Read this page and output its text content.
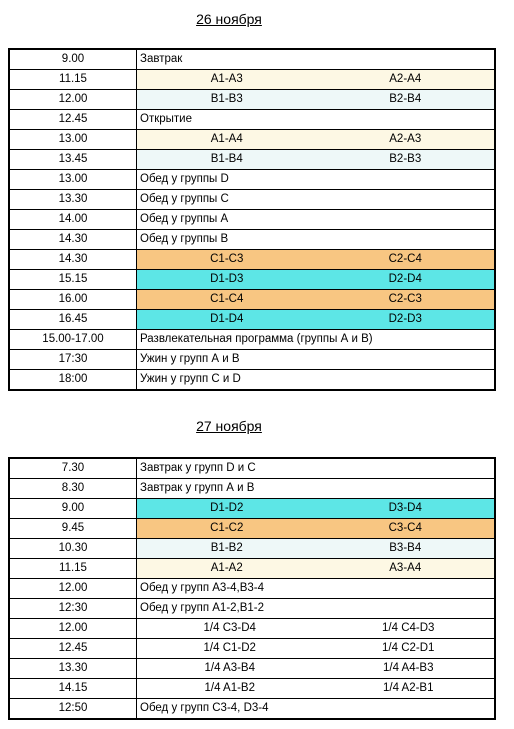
26 ноября
9.00	Завтрак
11.15	A1-A3 A2-A4

12.00	B1-B3 B2-B4

12.45	Открытие
13.00	A1-A4 A2-A3

13.45	B1-B4 B2-B3

13.00	Обед у группы D
13.30	Обед у группы С
14.00	Обед у группы А
14.30	Обед у группы В
14.30	C1-C3 C2-C4

15.15	D1-D3 D2-D4

16.00	C1-C4 C2-C3

16.45	D1-D4 D2-D3

15.00-17.00	Развлекательная программа (группы А и В)
17:30	Ужин у групп А и В
18:00	Ужин у групп С и D
27 ноября
7.30	Завтрак у групп D и C
8.30	Завтрак у групп А и В
9.00	D1-D2 D3-D4

9.45	C1-C2 C3-C4

10.30	B1-B2 B3-B4

11.15	A1-A2 A3-A4

12.00	Обед у групп А3-4,В3-4
12:30	Обед у групп А1-2,В1-2
12.00	1/4 C3-D4 1/4 C4-D3

12.45	1/4 C1-D2 1/4 C2-D1

13.30	1/4 A3-B4 1/4 A4-B3

14.15	1/4 A1-B2 1/4 A2-B1

12:50	Обед у групп С3-4, D3-4
